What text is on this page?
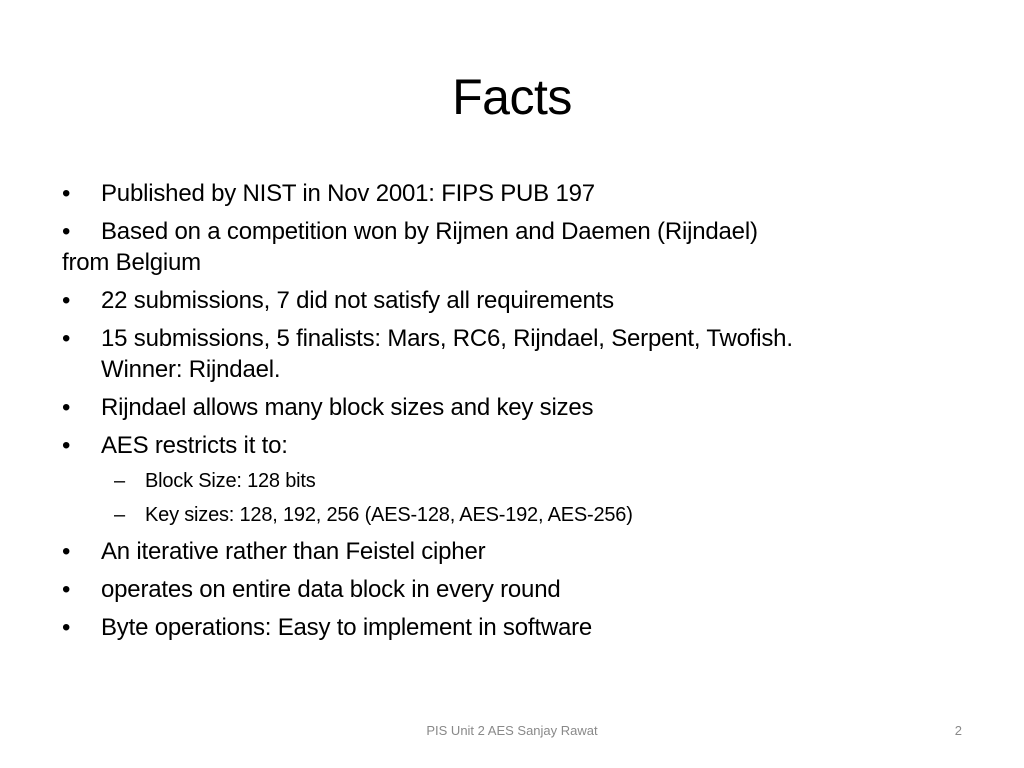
Facts
•	Published by NIST in Nov 2001: FIPS PUB 197
•	Based on a competition won by Rijmen and Daemen (Rijndael)
from Belgium
•	22 submissions, 7 did not satisfy all requirements
•	15 submissions, 5 finalists: Mars, RC6, Rijndael, Serpent, Twofish.
Winner: Rijndael.
•	Rijndael allows many block sizes and key sizes
•	AES restricts it to:
– Block Size: 128 bits
– Key sizes: 128, 192, 256 (AES-128, AES-192, AES-256)
•	An iterative rather than Feistel cipher
•	operates on entire data block in every round
•	Byte operations: Easy to implement in software
PIS Unit 2 AES Sanjay Rawat	2
